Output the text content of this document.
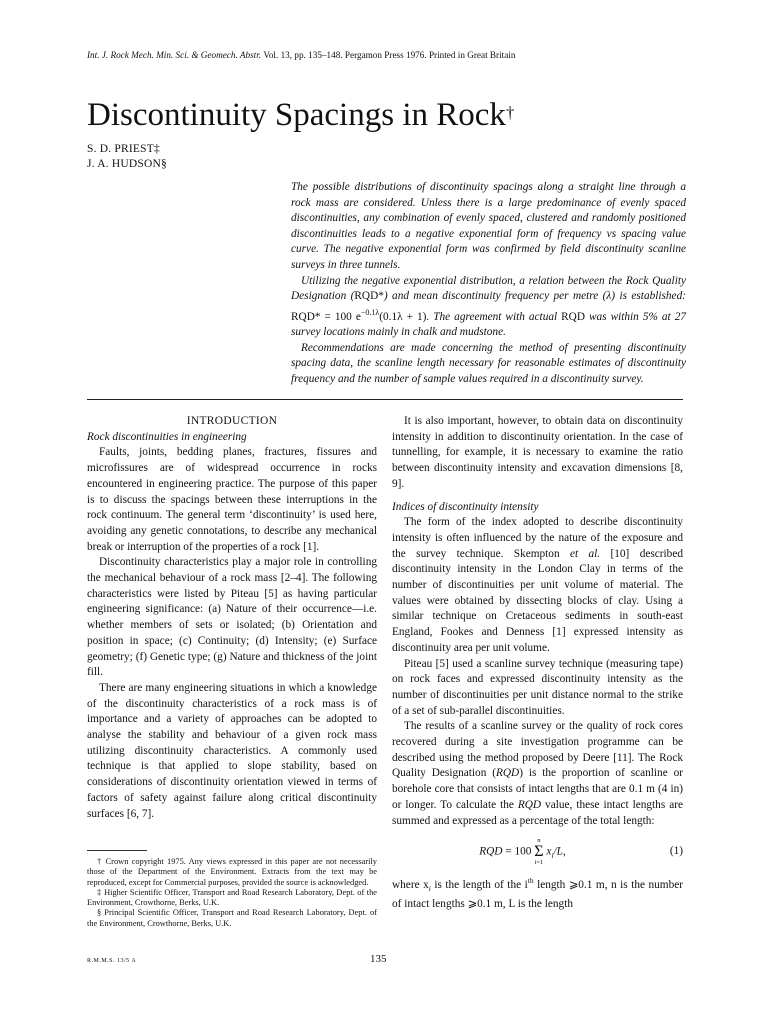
Int. J. Rock Mech. Min. Sci. & Geomech. Abstr. Vol. 13, pp. 135–148. Pergamon Press 1976. Printed in Great Britain
Discontinuity Spacings in Rock†
S. D. PRIEST‡
J. A. HUDSON§

The possible distributions of discontinuity spacings along a straight line through a rock mass are considered. Unless there is a large predominance of evenly spaced discontinuities, any combination of evenly spaced, clustered and randomly positioned discontinuities leads to a negative exponential form of frequency vs spacing value curve. The negative exponential form was confirmed by field discontinuity scanline surveys in three tunnels.

Utilizing the negative exponential distribution, a relation between the Rock Quality Designation (RQD*) and mean discontinuity frequency per metre (λ) is established: RQD* = 100 $e^{-0.1\lambda}(0.1\lambda + 1)$. The agreement with actual RQD was within 5% at 27 survey locations mainly in chalk and mudstone.

Recommendations are made concerning the method of presenting discontinuity spacing data, the scanline length necessary for reasonable estimates of discontinuity frequency and the number of sample values required in a discontinuity survey.

INTRODUCTION

Rock discontinuities in engineering

Faults, joints, bedding planes, fractures, fissures and microfissures are of widespread occurrence in rocks encountered in engineering practice. The purpose of this paper is to discuss the spacings between these interruptions in the rock continuum. The general term ‘discontinuity’ is used here, avoiding any genetic connotations, to describe any mechanical break or interruption of the properties of a rock [1].

Discontinuity characteristics play a major role in controlling the mechanical behaviour of a rock mass [2–4]. The following characteristics were listed by Piteau [5] as having particular engineering significance: (a) Nature of their occurrence—i.e. whether members of sets or isolated; (b) Orientation and position in space; (c) Continuity; (d) Intensity; (e) Surface geometry; (f) Genetic type; (g) Nature and thickness of the joint fill.

There are many engineering situations in which a knowledge of the discontinuity characteristics of a rock mass is of importance and a variety of approaches can be adopted to analyse the stability and behaviour of a given rock mass utilizing discontinuity characteristics. A commonly used technique is that applied to slope stability, based on considerations of discontinuity orientation viewed in terms of factors of safety against failure along critical discontinuity surfaces [6, 7].

It is also important, however, to obtain data on discontinuity intensity in addition to discontinuity orientation. In the case of tunnelling, for example, it is necessary to examine the ratio between discontinuity intensity and excavation dimensions [8, 9].

Indices of discontinuity intensity

The form of the index adopted to describe discontinuity intensity is often influenced by the nature of the exposure and the survey technique. Skempton et al. [10] described discontinuity intensity in the London Clay in terms of the number of discontinuities per unit volume of material. The values were obtained by dissecting blocks of clay. Using a similar technique on Cretaceous sediments in south-east England, Fookes and Denness [1] expressed intensity as discontinuity area per unit volume.

Piteau [5] used a scanline survey technique (measuring tape) on rock faces and expressed discontinuity intensity as the number of discontinuities per unit distance normal to the strike of a set of sub-parallel discontinuities.

The results of a scanline survey or the quality of rock cores recovered during a site investigation programme can be described using the method proposed by Deere [11]. The Rock Quality Designation (RQD) is the proportion of scanline or borehole core that consists of intact lengths that are 0.1 m (4 in) or longer. To calculate the RQD value, these intact lengths are summed and expressed as a percentage of the total length:

RQD = 100
n
Σ
i=1
$x_i/L$,	(1)

where $x_i$ is the length of the $i^{th}$ length ⩾0.1 m, n is the number of intact lengths ⩾0.1 m, L is the length

† Crown copyright 1975. Any views expressed in this paper are not necessarily those of the Department of the Environment. Extracts from the text may be reproduced, except for Commercial purposes, provided the source is acknowledged.

‡ Higher Scientific Officer, Transport and Road Research Laboratory, Dept. of the Environment, Crowthorne, Berks, U.K.

§ Principal Scientific Officer, Transport and Road Research Laboratory, Dept. of the Environment, Crowthorne, Berks, U.K.

R.M.M.S. 13/5 A	135
